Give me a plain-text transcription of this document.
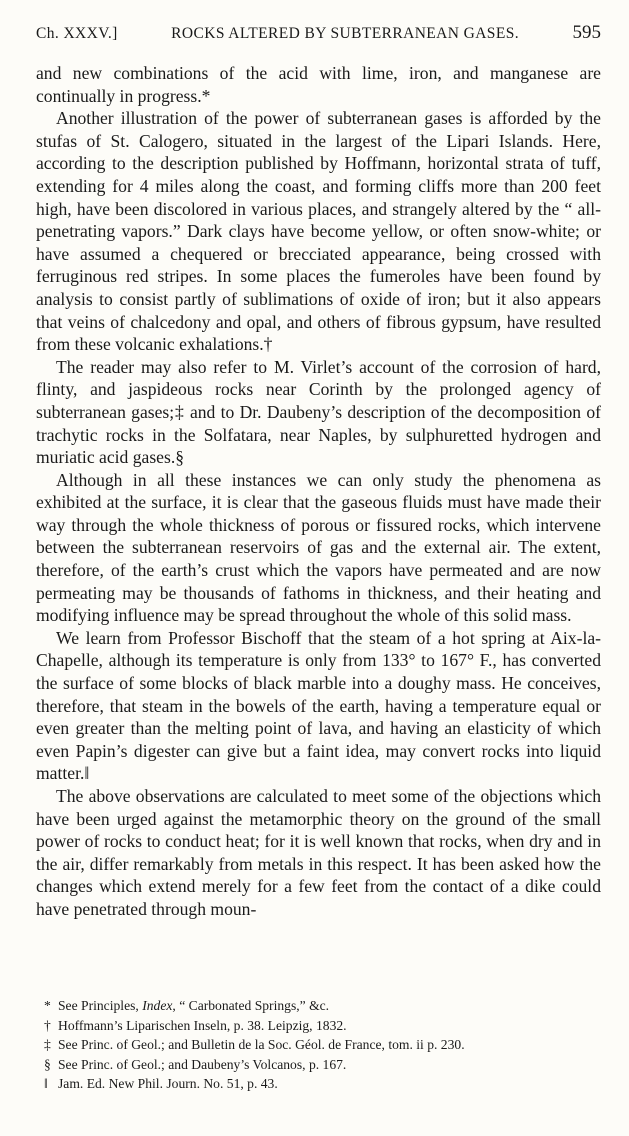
Ch. XXXV.]	ROCKS ALTERED BY SUBTERRANEAN GASES.	595

and new combinations of the acid with lime, iron, and manganese are continually in progress.*

Another illustration of the power of subterranean gases is afforded by the stufas of St. Calogero, situated in the largest of the Lipari Islands. Here, according to the description published by Hoffmann, horizontal strata of tuff, extending for 4 miles along the coast, and forming cliffs more than 200 feet high, have been discolored in various places, and strangely altered by the “ all-penetrating vapors.” Dark clays have become yellow, or often snow-white; or have assumed a chequered or brecciated appearance, being crossed with ferruginous red stripes. In some places the fumeroles have been found by analysis to consist partly of sublimations of oxide of iron; but it also appears that veins of chalcedony and opal, and others of fibrous gypsum, have resulted from these volcanic exhalations.†

The reader may also refer to M. Virlet’s account of the corrosion of hard, flinty, and jaspideous rocks near Corinth by the prolonged agency of subterranean gases;‡ and to Dr. Daubeny’s description of the decomposition of trachytic rocks in the Solfatara, near Naples, by sulphuretted hydrogen and muriatic acid gases.§

Although in all these instances we can only study the phenomena as exhibited at the surface, it is clear that the gaseous fluids must have made their way through the whole thickness of porous or fissured rocks, which intervene between the subterranean reservoirs of gas and the external air. The extent, therefore, of the earth’s crust which the vapors have permeated and are now permeating may be thousands of fathoms in thickness, and their heating and modifying influence may be spread throughout the whole of this solid mass.

We learn from Professor Bischoff that the steam of a hot spring at Aix-la-Chapelle, although its temperature is only from 133° to 167° F., has converted the surface of some blocks of black marble into a doughy mass. He conceives, therefore, that steam in the bowels of the earth, having a temperature equal or even greater than the melting point of lava, and having an elasticity of which even Papin’s digester can give but a faint idea, may convert rocks into liquid matter.‖

The above observations are calculated to meet some of the objections which have been urged against the metamorphic theory on the ground of the small power of rocks to conduct heat; for it is well known that rocks, when dry and in the air, differ remarkably from metals in this respect. It has been asked how the changes which extend merely for a few feet from the contact of a dike could have penetrated through moun-

* See Principles, Index, “ Carbonated Springs,” &c.
† Hoffmann’s Liparischen Inseln, p. 38. Leipzig, 1832.
‡ See Princ. of Geol.; and Bulletin de la Soc. Géol. de France, tom. ii p. 230.
§ See Princ. of Geol.; and Daubeny’s Volcanos, p. 167.
‖ Jam. Ed. New Phil. Journ. No. 51, p. 43.
